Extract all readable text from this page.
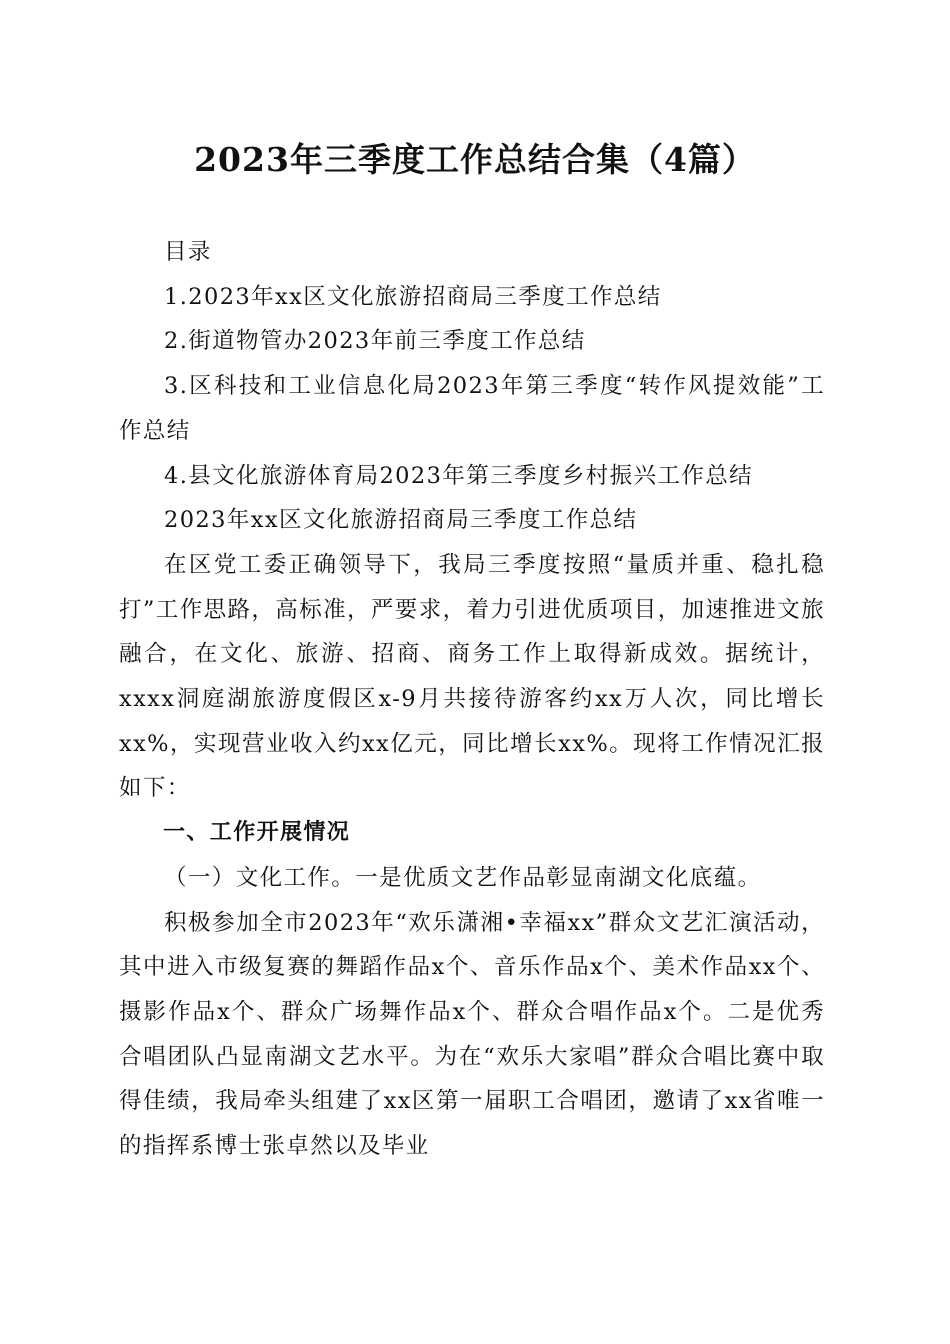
2023年三季度工作总结合集（4篇）

目录

1.2023年xx区文化旅游招商局三季度工作总结

2.街道物管办2023年前三季度工作总结

3.区科技和工业信息化局2023年第三季度“转作风提效能”工作总结

4.县文化旅游体育局2023年第三季度乡村振兴工作总结

2023年xx区文化旅游招商局三季度工作总结

在区党工委正确领导下，我局三季度按照“量质并重、稳扎稳打”工作思路，高标准，严要求，着力引进优质项目，加速推进文旅融合，在文化、旅游、招商、商务工作上取得新成效。据统计，xxxx洞庭湖旅游度假区x-9月共接待游客约xx万人次，同比增长xx%，实现营业收入约xx亿元，同比增长xx%。现将工作情况汇报如下：

一、工作开展情况

（一）文化工作。一是优质文艺作品彰显南湖文化底蕴。

积极参加全市2023年“欢乐潇湘•幸福xx”群众文艺汇演活动，其中进入市级复赛的舞蹈作品x个、音乐作品x个、美术作品xx个、摄影作品x个、群众广场舞作品x个、群众合唱作品x个。二是优秀合唱团队凸显南湖文艺水平。为在“欢乐大家唱”群众合唱比赛中取得佳绩，我局牵头组建了xx区第一届职工合唱团，邀请了xx省唯一的指挥系博士张卓然以及毕业
